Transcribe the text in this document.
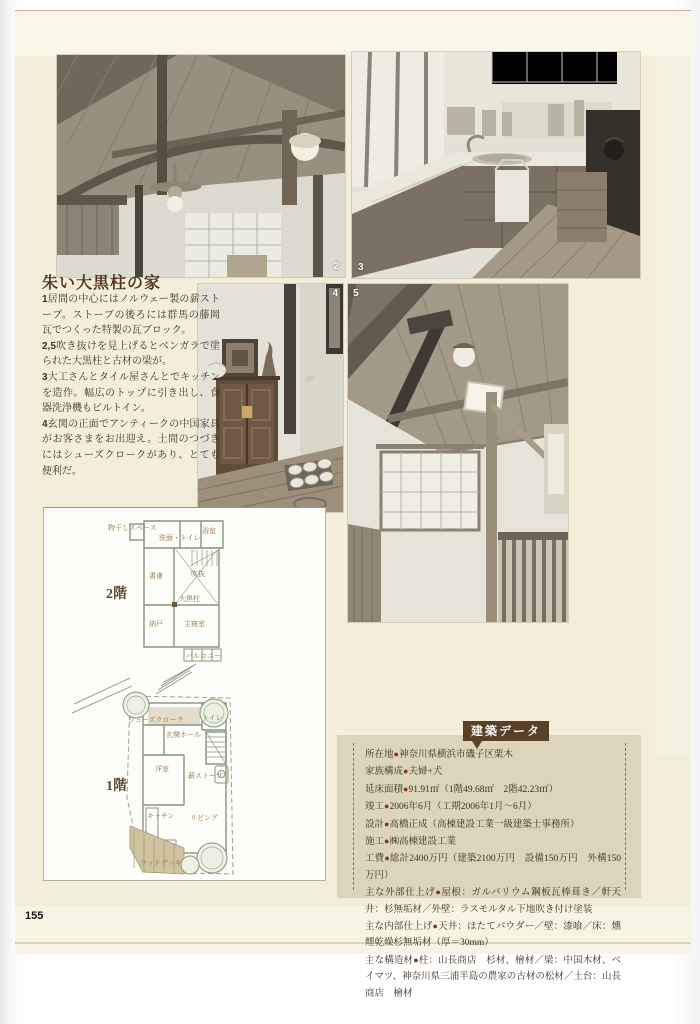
2 3
4 5
朱い大黒柱の家
1居間の中心にはノルウェー製の薪ストーブ。ストーブの後ろには群馬の藤岡瓦でつくった特製の瓦ブロック。
2,5吹き抜けを見上げるとベンガラで塗られた大黒柱と古材の梁が。
3大工さんとタイル屋さんとでキッチンを造作。幅広のトップに引き出し、食器洗浄機もビルトイン。
4玄関の正面でアンティークの中国家具がお客さまをお出迎え。土間のつづきにはシューズクロークがあり、とても便利だ。
物干しスペース
洗面・トイレ
浴室
書斎	吹抜
大黒柱
納戸	主寝室
バルコニー
2階
シューズクローク	トイレ
玄関ホール
洋室
薪ストーブ
キッチン リビング
ウッドデッキ
1階
建築データ
所在地●神奈川県横浜市磯子区栗木
家族構成●夫婦+犬
延床面積●91.91㎡（1階49.68㎡　2階42.23㎡）
竣工●2006年6月（工期2006年1月～6月）
設計●高橋正成（高棟建設工業一級建築士事務所）
施工●㈱高棟建設工業
工費●総計2400万円（建築2100万円　設備150万円　外構150万円）
主な外部仕上げ●屋根：ガルバリウム鋼板瓦棒葺き／軒天井：杉無垢材／外壁：ラスモルタル下地吹き付け塗装
主な内部仕上げ●天井：ほたてパウダー／壁：漆喰／床：燻煙乾燥杉無垢材（厚＝30mm）
主な構造材●柱：山長商店　杉材、檜材／梁：中国木材、ベイマツ、神奈川県三浦半島の農家の古材の松材／土台：山長商店　檜材
155
